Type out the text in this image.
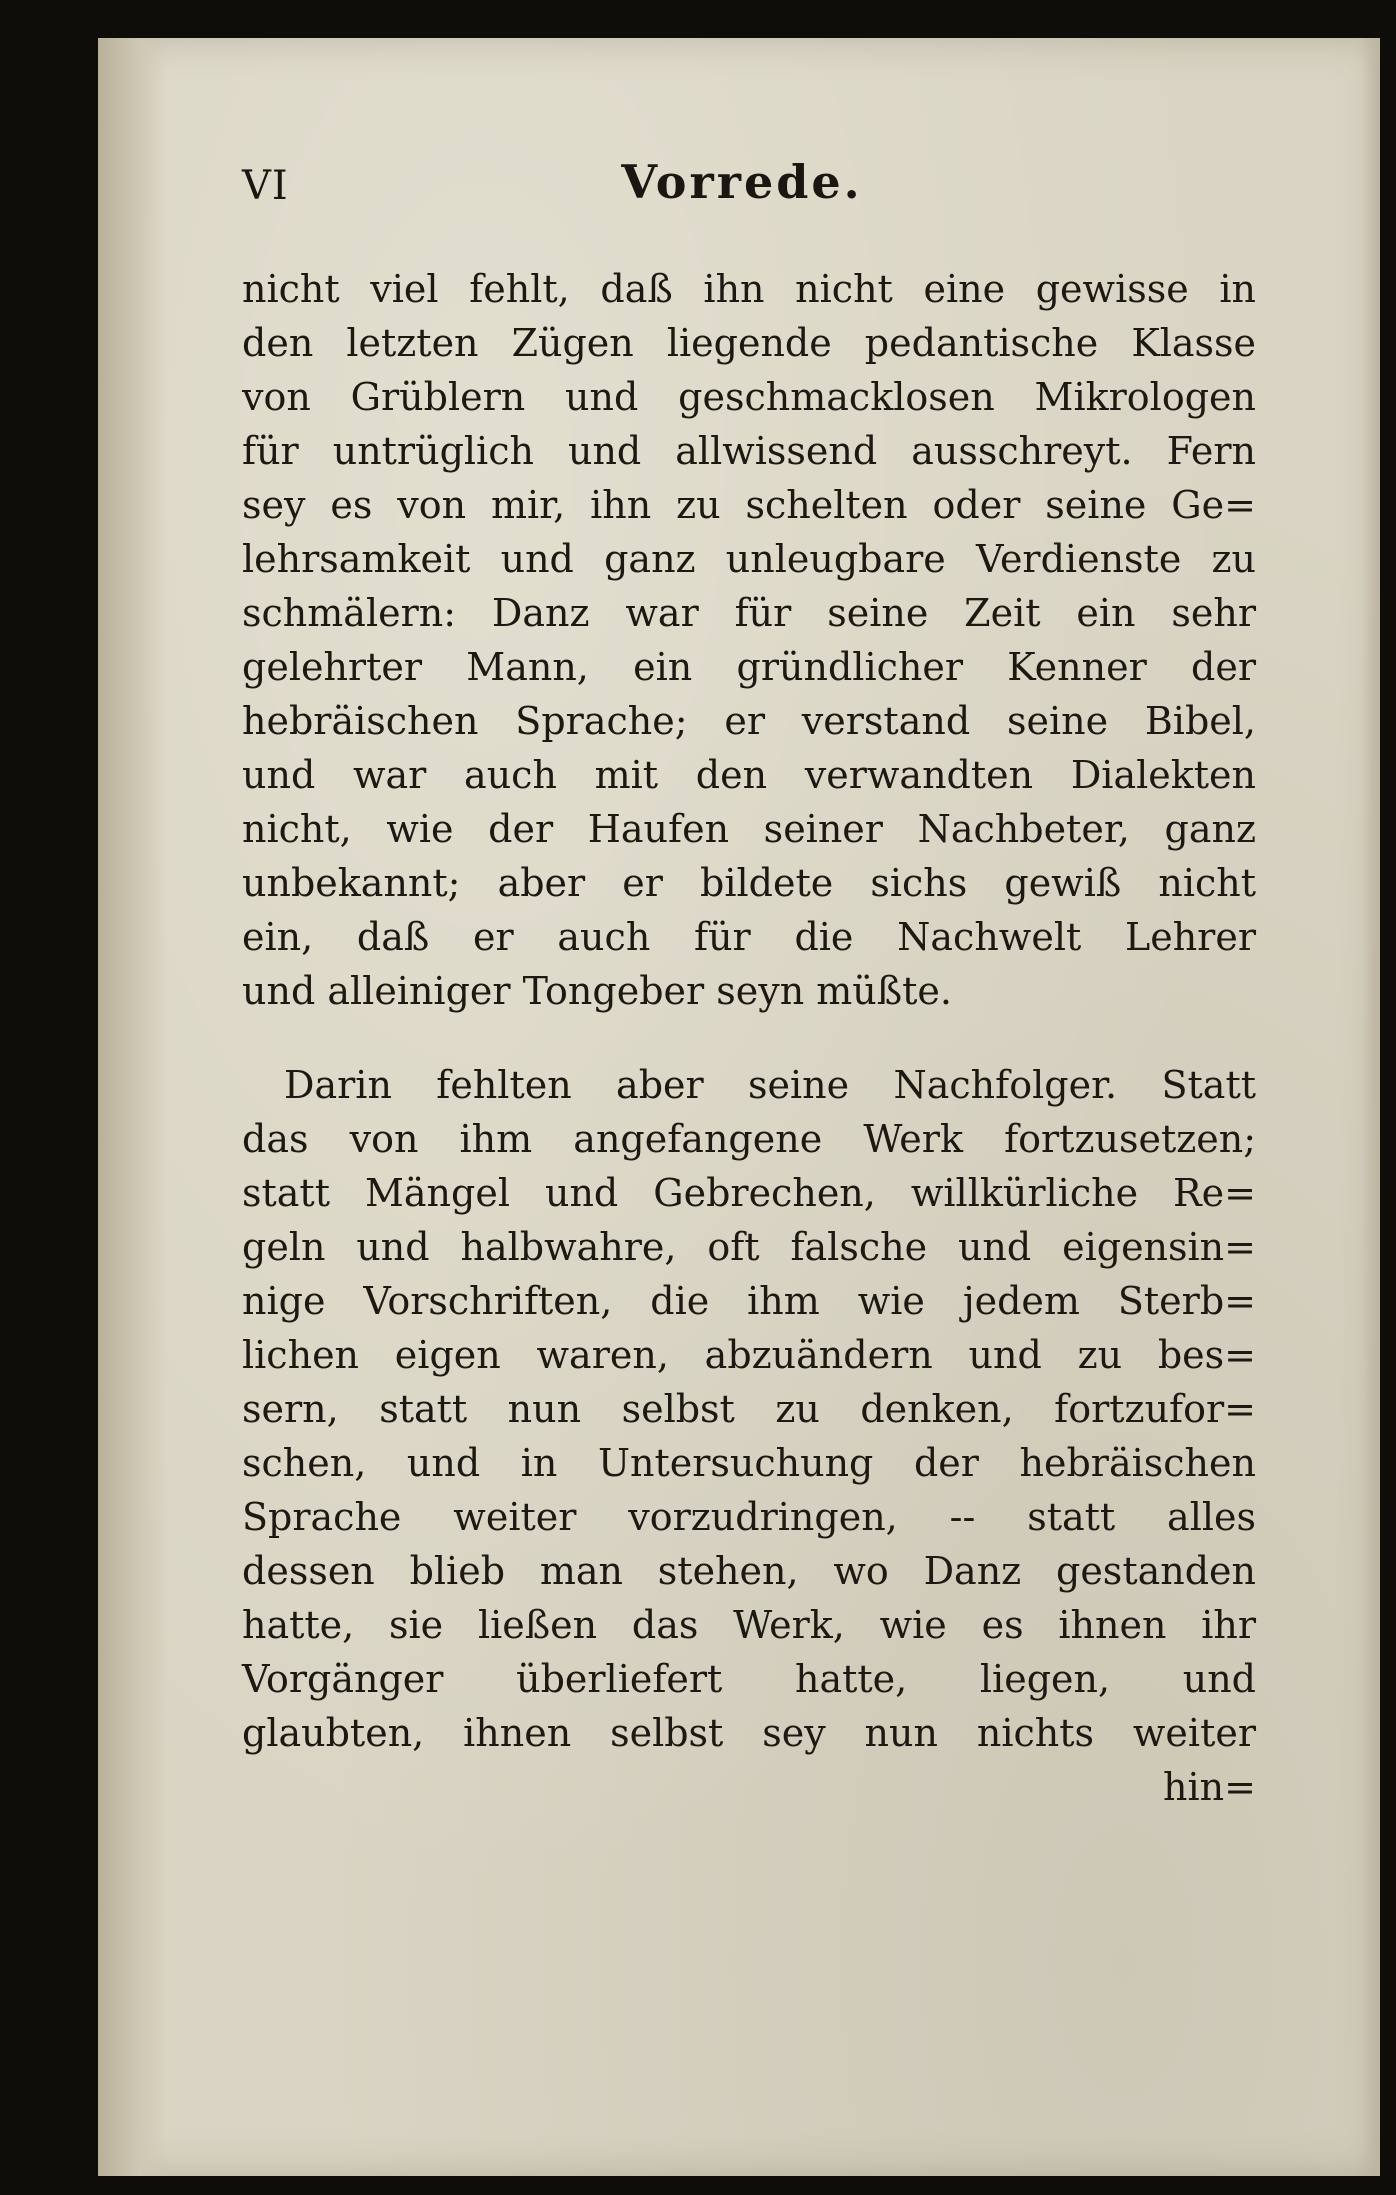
VI	Vorrede.
nicht viel fehlt, daß ihn nicht eine gewisse in
den letzten Zügen liegende pedantische Klasse
von Grüblern und geschmacklosen Mikrologen
für untrüglich und allwissend ausschreyt. Fern
sey es von mir, ihn zu schelten oder seine Ge=
lehrsamkeit und ganz unleugbare Verdienste zu
schmälern: Danz war für seine Zeit ein sehr
gelehrter Mann, ein gründlicher Kenner der
hebräischen Sprache; er verstand seine Bibel,
und war auch mit den verwandten Dialekten
nicht, wie der Haufen seiner Nachbeter, ganz
unbekannt; aber er bildete sichs gewiß nicht
ein, daß er auch für die Nachwelt Lehrer
und alleiniger Tongeber seyn müßte.
Darin fehlten aber seine Nachfolger. Statt
das von ihm angefangene Werk fortzusetzen;
statt Mängel und Gebrechen, willkürliche Re=
geln und halbwahre, oft falsche und eigensin=
nige Vorschriften, die ihm wie jedem Sterb=
lichen eigen waren, abzuändern und zu bes=
sern, statt nun selbst zu denken, fortzufor=
schen, und in Untersuchung der hebräischen
Sprache weiter vorzudringen, -- statt alles
dessen blieb man stehen, wo Danz gestanden
hatte, sie ließen das Werk, wie es ihnen ihr
Vorgänger überliefert hatte, liegen, und
glaubten, ihnen selbst sey nun nichts weiter
hin=
